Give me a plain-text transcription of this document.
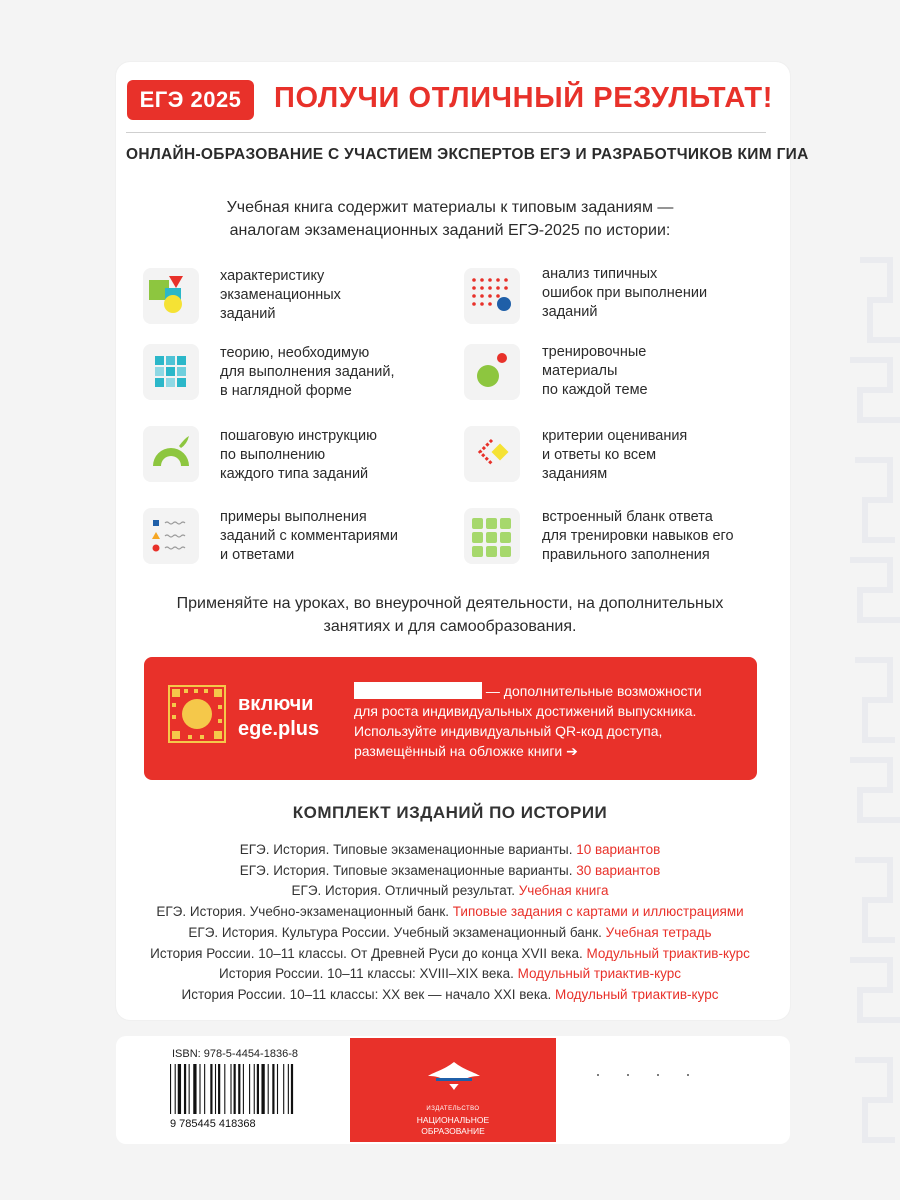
ЕГЭ 2025	ПОЛУЧИ ОТЛИЧНЫЙ РЕЗУЛЬТАТ!
ОНЛАЙН-ОБРАЗОВАНИЕ С УЧАСТИЕМ ЭКСПЕРТОВ ЕГЭ И РАЗРАБОТЧИКОВ КИМ ГИА
Учебная книга содержит материалы к типовым заданиям —
аналогам экзаменационных заданий ЕГЭ-2025 по истории:
характеристику
экзаменационных
заданий
анализ типичных
ошибок при выполнении
заданий
теорию, необходимую
для выполнения заданий,
в наглядной форме
тренировочные
материалы
по каждой теме
пошаговую инструкцию
по выполнению
каждого типа заданий
критерии оценивания
и ответы ко всем
заданиям
примеры выполнения
заданий с комментариями
и ответами
встроенный бланк ответа
для тренировки навыков его
правильного заполнения
Применяйте на уроках, во внеурочной деятельности, на дополнительных
занятиях и для самообразования.
включи
ege.plus
— дополнительные возможности
для роста индивидуальных достижений выпускника.
Используйте индивидуальный QR-код доступа,
размещённый на обложке книги ➔
КОМПЛЕКТ ИЗДАНИЙ ПО ИСТОРИИ
ЕГЭ. История. Типовые экзаменационные варианты. 10 вариантов
ЕГЭ. История. Типовые экзаменационные варианты. 30 вариантов
ЕГЭ. История. Отличный результат. Учебная книга
ЕГЭ. История. Учебно-экзаменационный банк. Типовые задания с картами и иллюстрациями
ЕГЭ. История. Культура России. Учебный экзаменационный банк. Учебная тетрадь
История России. 10–11 классы. От Древней Руси до конца XVII века. Модульный триактив-курс
История России. 10–11 классы: XVIII–XIX века. Модульный триактив-курс
История России. 10–11 классы: XX век — начало XXI века. Модульный триактив-курс
ISBN: 978-5-4454-1836-8
9 785445 418368
ИЗДАТЕЛЬСТВО
НАЦИОНАЛЬНОЕ
ОБРАЗОВАНИЕ
